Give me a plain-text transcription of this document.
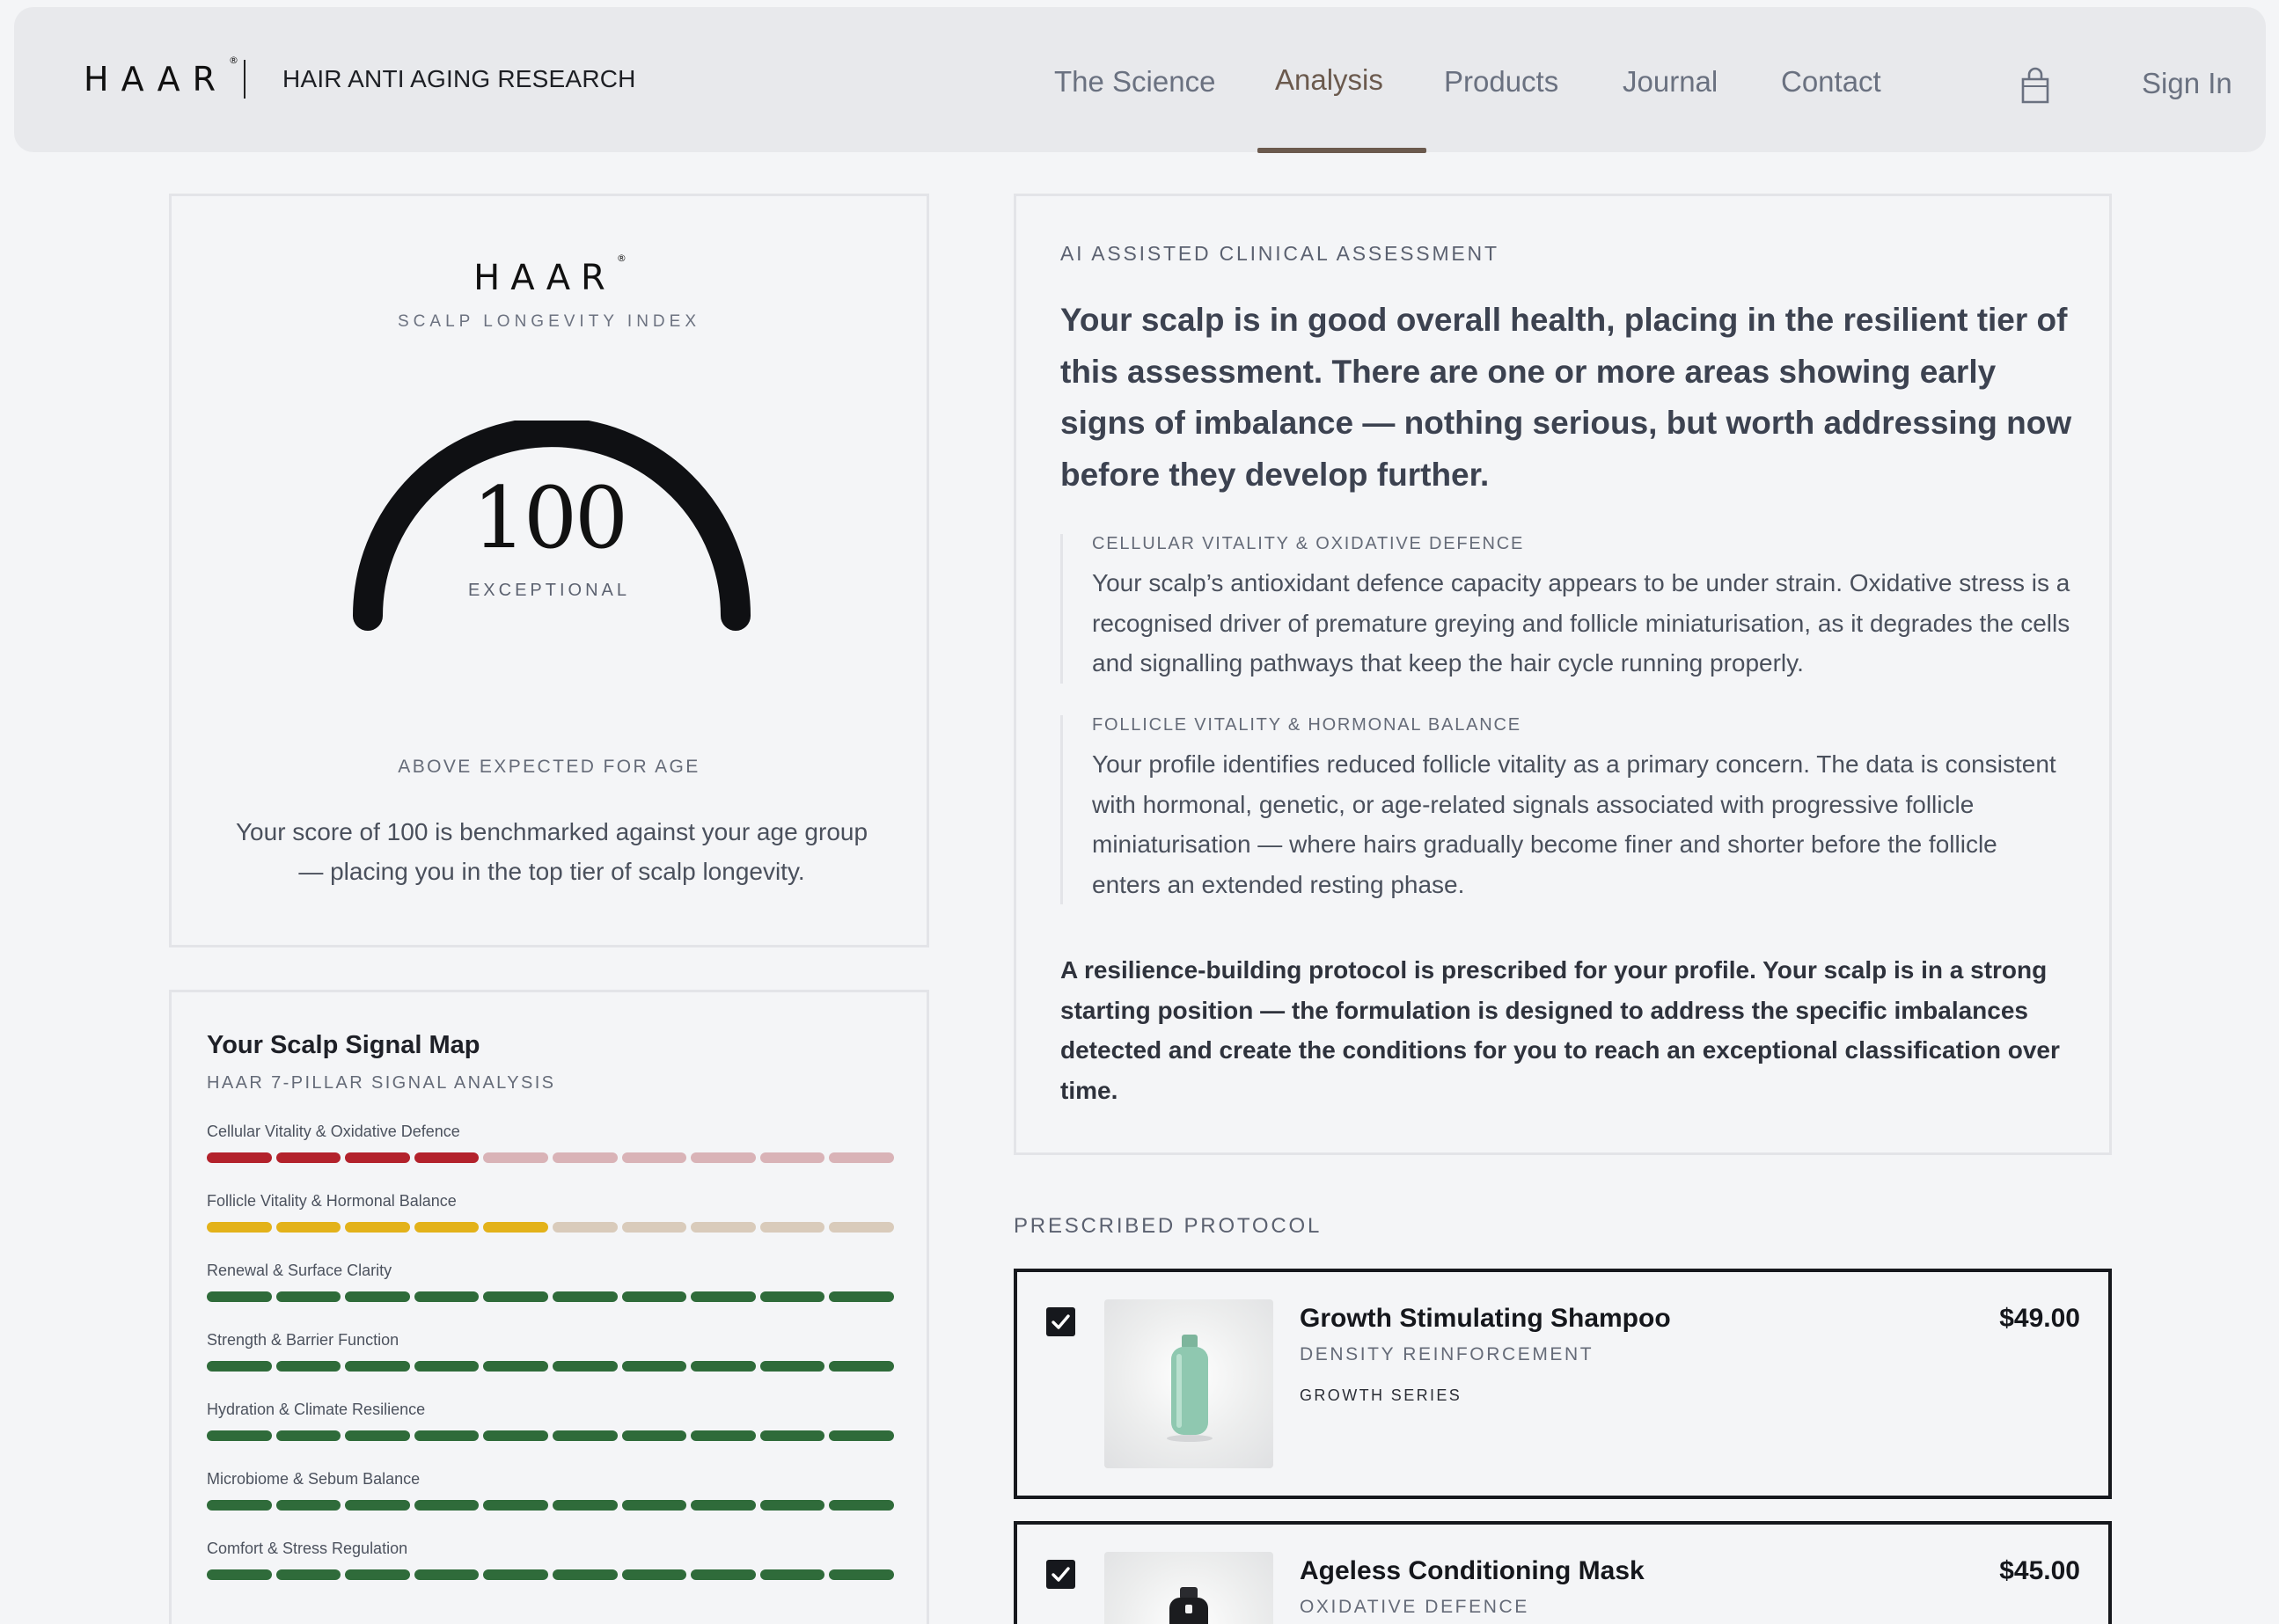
HAAR ®
HAIR ANTI AGING RESEARCH	The Science Analysis Products Journal Contact	Sign In
HAAR ®
SCALP LONGEVITY INDEX
100
EXCEPTIONAL
ABOVE EXPECTED FOR AGE
Your score of 100 is benchmarked against your age group — placing you in the top tier of scalp longevity.
Your Scalp Signal Map
HAAR 7-PILLAR SIGNAL ANALYSIS
Cellular Vitality & Oxidative Defence
Follicle Vitality & Hormonal Balance
Renewal & Surface Clarity
Strength & Barrier Function
Hydration & Climate Resilience
Microbiome & Sebum Balance
Comfort & Stress Regulation
AI ASSISTED CLINICAL ASSESSMENT
Your scalp is in good overall health, placing in the resilient tier of this assessment. There are one or more areas showing early signs of imbalance — nothing serious, but worth addressing now before they develop further.
CELLULAR VITALITY & OXIDATIVE DEFENCE
Your scalp’s antioxidant defence capacity appears to be under strain. Oxidative stress is a recognised driver of premature greying and follicle miniaturisation, as it degrades the cells and signalling pathways that keep the hair cycle running properly.
FOLLICLE VITALITY & HORMONAL BALANCE
Your profile identifies reduced follicle vitality as a primary concern. The data is consistent with hormonal, genetic, or age-related signals associated with progressive follicle miniaturisation — where hairs gradually become finer and shorter before the follicle enters an extended resting phase.
A resilience-building protocol is prescribed for your profile. Your scalp is in a strong starting position — the formulation is designed to address the specific imbalances detected and create the conditions for you to reach an exceptional classification over time.
PRESCRIBED PROTOCOL
Growth Stimulating Shampoo
DENSITY REINFORCEMENT
GROWTH SERIES
$49.00
Ageless Conditioning Mask
OXIDATIVE DEFENCE
$45.00
